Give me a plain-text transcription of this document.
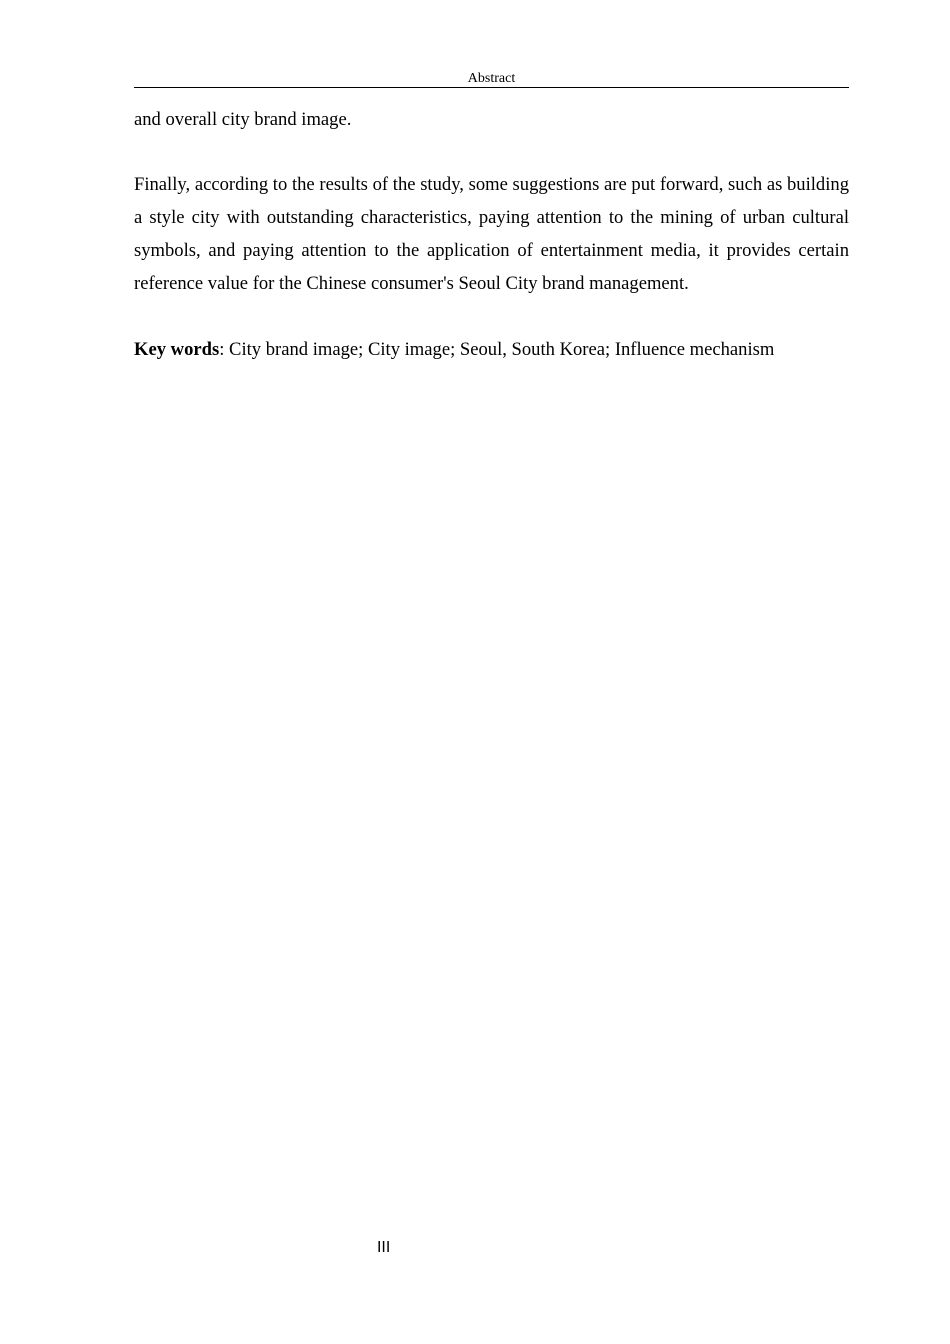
Abstract

and overall city brand image.

Finally, according to the results of the study, some suggestions are put forward, such as building a style city with outstanding characteristics, paying attention to the mining of urban cultural symbols, and paying attention to the application of entertainment media, it provides certain reference value for the Chinese consumer's Seoul City brand management.

Key words: City brand image; City image; Seoul, South Korea; Influence mechanism

III
